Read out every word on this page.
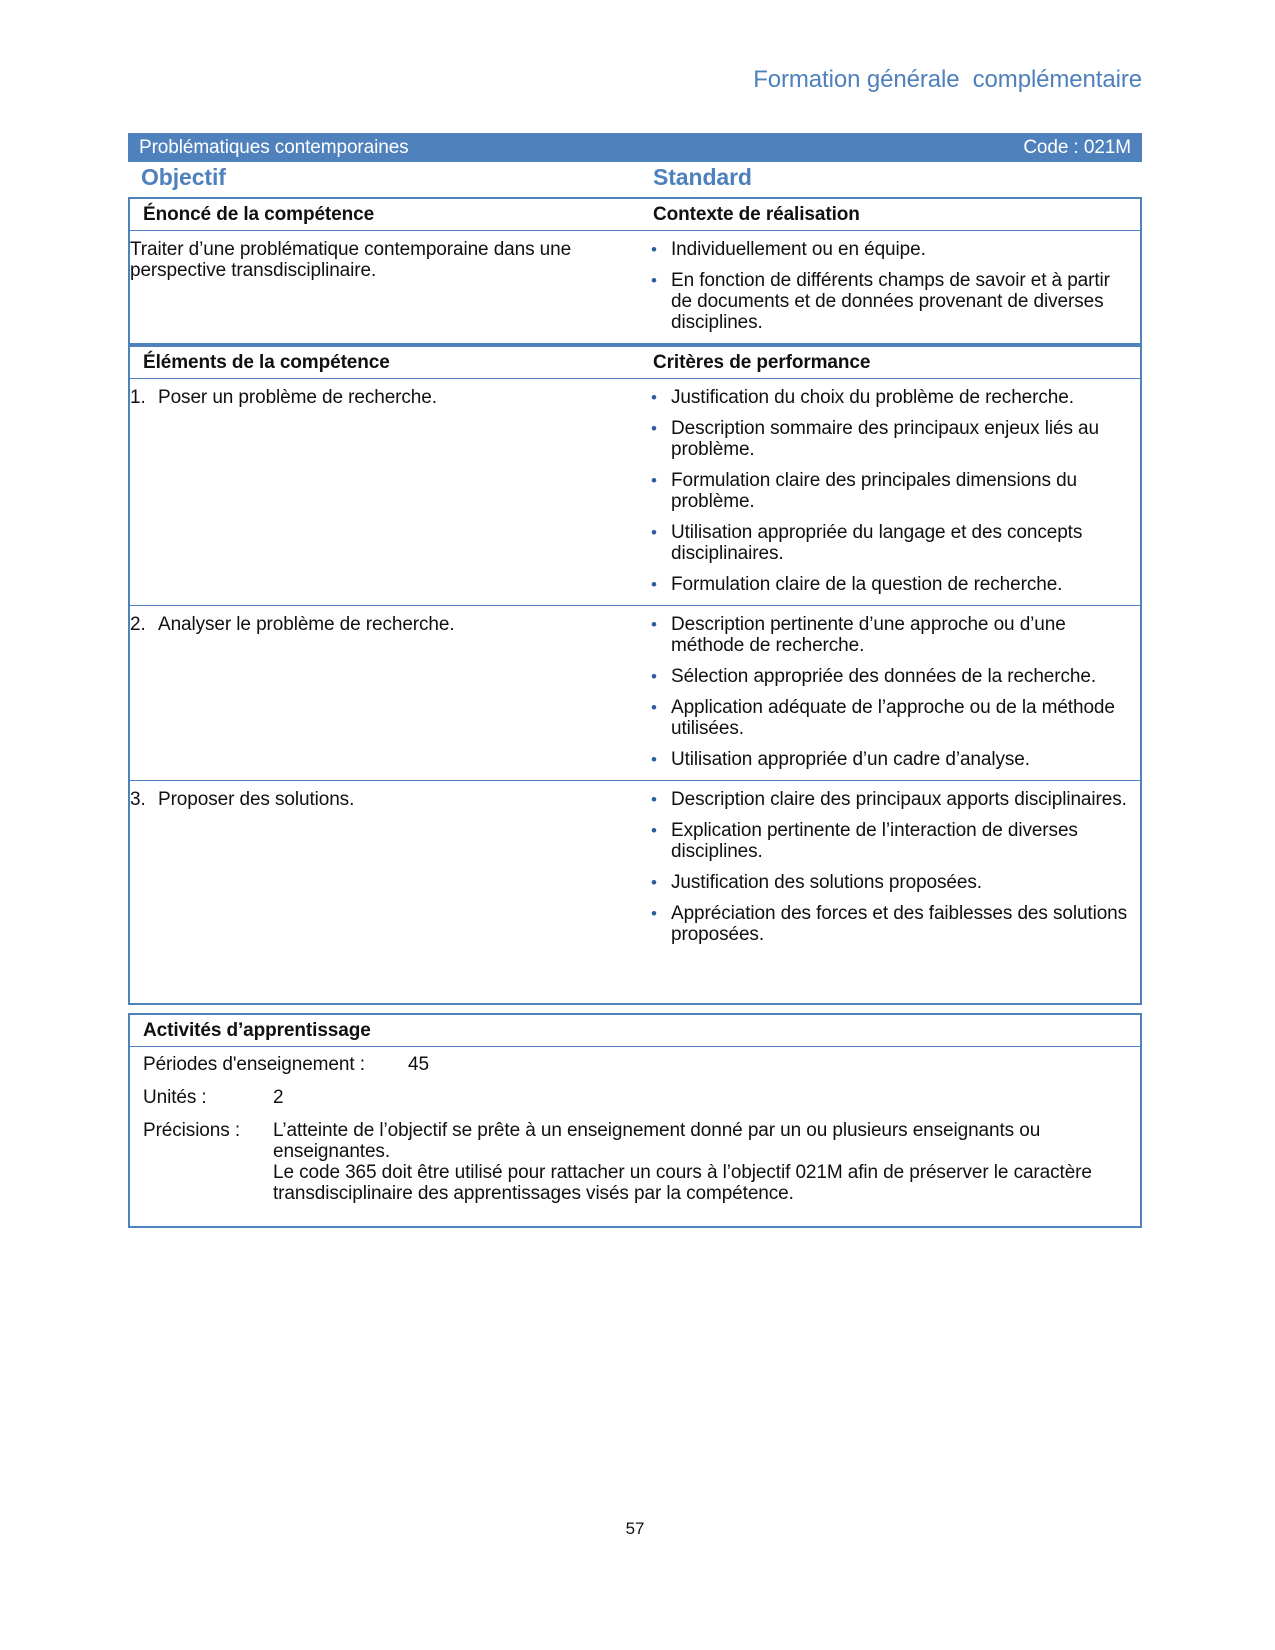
Formation générale  complémentaire
Problématiques contemporaines	Code : 021M
Objectif	Standard
Énoncé de la compétence	Contexte de réalisation
Traiter d’une problématique contemporaine dans une perspective transdisciplinaire.
• Individuellement ou en équipe.
• En fonction de différents champs de savoir et à partir de documents et de données provenant de diverses disciplines.
Éléments de la compétence	Critères de performance
1. Poser un problème de recherche.	• Justification du choix du problème de recherche.
• Description sommaire des principaux enjeux liés au problème.
• Formulation claire des principales dimensions du problème.
• Utilisation appropriée du langage et des concepts disciplinaires.
• Formulation claire de la question de recherche.
2. Analyser le problème de recherche.	• Description pertinente d’une approche ou d’une méthode de recherche.
• Sélection appropriée des données de la recherche.
• Application adéquate de l’approche ou de la méthode utilisées.
• Utilisation appropriée d’un cadre d’analyse.
3. Proposer des solutions.	• Description claire des principaux apports disciplinaires.
• Explication pertinente de l’interaction de diverses disciplines.
• Justification des solutions proposées.
• Appréciation des forces et des faiblesses des solutions proposées.
Activités d’apprentissage
Périodes d'enseignement :	45
Unités :	2
Précisions :	L’atteinte de l’objectif se prête à un enseignement donné par un ou plusieurs enseignants ou enseignantes.
Le code 365 doit être utilisé pour rattacher un cours à l’objectif 021M afin de préserver le caractère transdisciplinaire des apprentissages visés par la compétence.
57
